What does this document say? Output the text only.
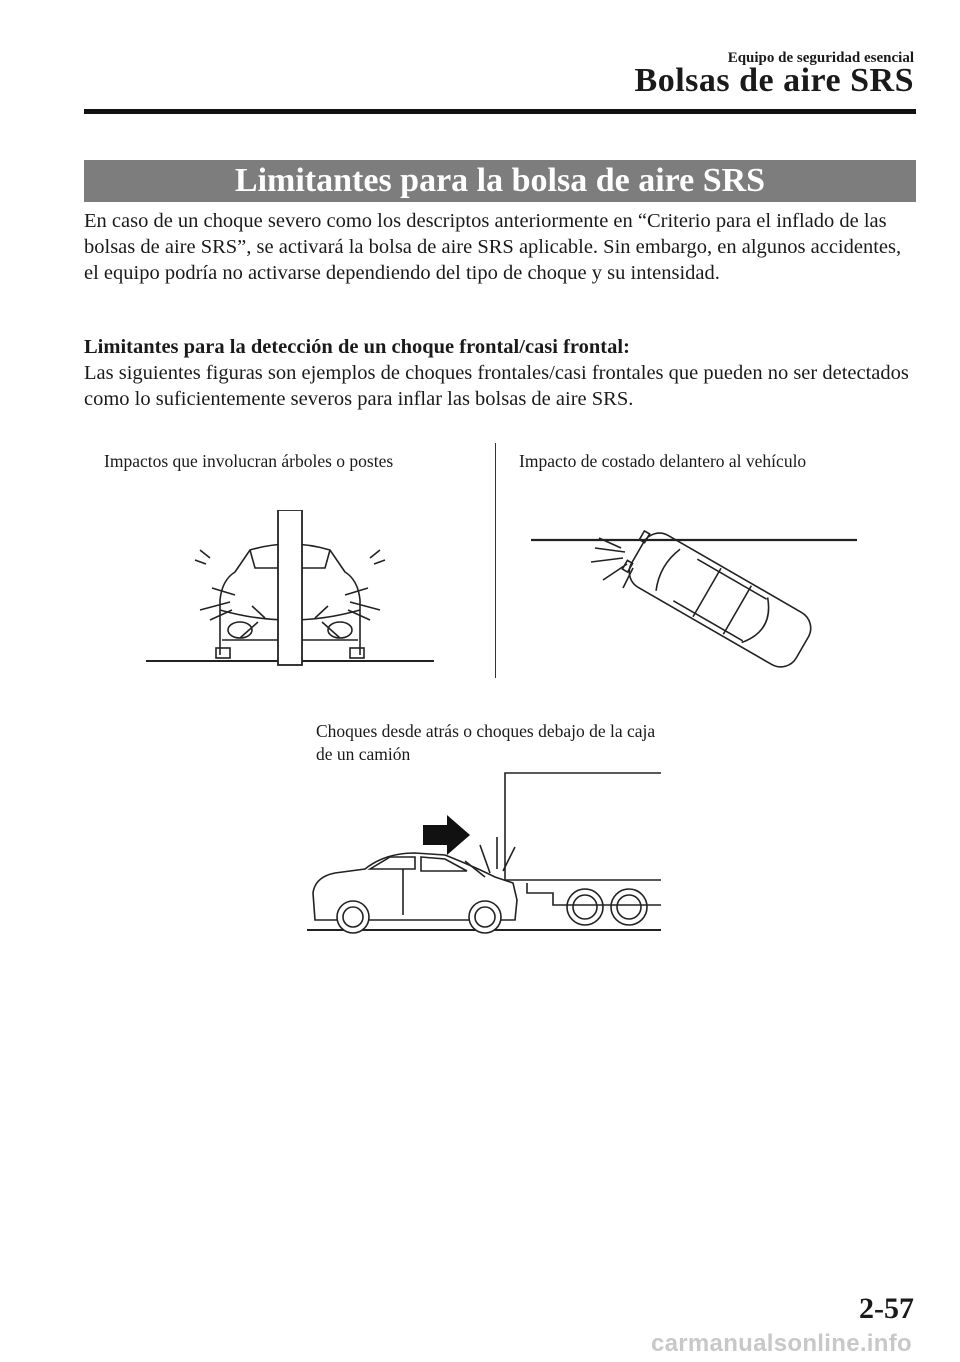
Equipo de seguridad esencial
Bolsas de aire SRS
Limitantes para la bolsa de aire SRS
En caso de un choque severo como los descriptos anteriormente en “Criterio para el inflado de las bolsas de aire SRS”, se activará la bolsa de aire SRS aplicable. Sin embargo, en algunos accidentes, el equipo podría no activarse dependiendo del tipo de choque y su intensidad.
Limitantes para la detección de un choque frontal/casi frontal:
Las siguientes figuras son ejemplos de choques frontales/casi frontales que pueden no ser detectados como lo suficientemente severos para inflar las bolsas de aire SRS.
Impactos que involucran árboles o postes	Impacto de costado delantero al vehículo
Choques desde atrás o choques debajo de la caja de un camión
2-57
carmanualsonline.info
